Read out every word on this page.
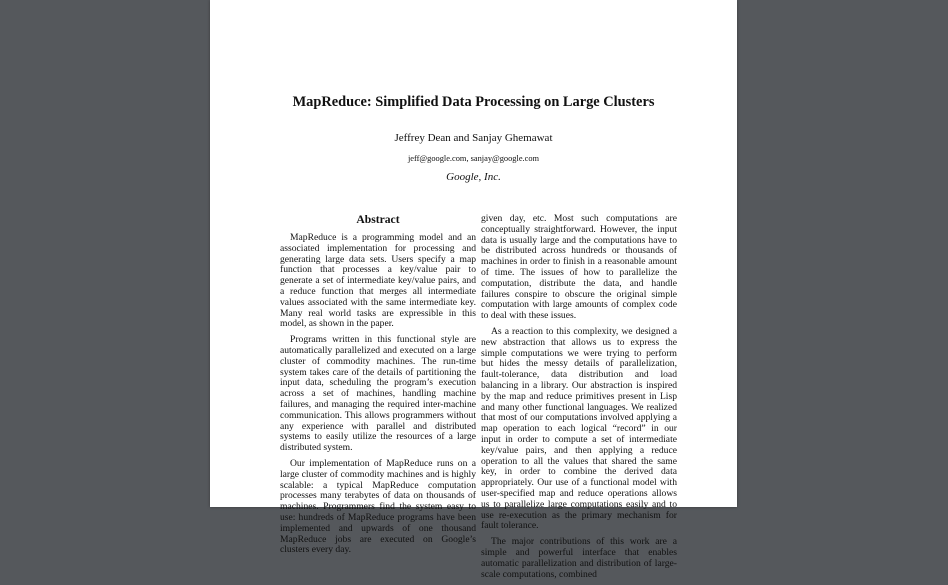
MapReduce: Simplified Data Processing on Large Clusters
Jeffrey Dean and Sanjay Ghemawat
jeff@google.com, sanjay@google.com
Google, Inc.
Abstract

MapReduce is a programming model and an associated implementation for processing and generating large data sets. Users specify a map function that processes a key/value pair to generate a set of intermediate key/value pairs, and a reduce function that merges all intermediate values associated with the same intermediate key. Many real world tasks are expressible in this model, as shown in the paper.

Programs written in this functional style are automatically parallelized and executed on a large cluster of commodity machines. The run-time system takes care of the details of partitioning the input data, scheduling the program’s execution across a set of machines, handling machine failures, and managing the required inter-machine communication. This allows programmers without any experience with parallel and distributed systems to easily utilize the resources of a large distributed system.

Our implementation of MapReduce runs on a large cluster of commodity machines and is highly scalable: a typical MapReduce computation processes many terabytes of data on thousands of machines. Programmers find the system easy to use: hundreds of MapReduce programs have been implemented and upwards of one thousand MapReduce jobs are executed on Google’s clusters every day.

given day, etc. Most such computations are conceptually straightforward. However, the input data is usually large and the computations have to be distributed across hundreds or thousands of machines in order to finish in a reasonable amount of time. The issues of how to parallelize the computation, distribute the data, and handle failures conspire to obscure the original simple computation with large amounts of complex code to deal with these issues.

As a reaction to this complexity, we designed a new abstraction that allows us to express the simple computations we were trying to perform but hides the messy details of parallelization, fault-tolerance, data distribution and load balancing in a library. Our abstraction is inspired by the map and reduce primitives present in Lisp and many other functional languages. We realized that most of our computations involved applying a map operation to each logical “record” in our input in order to compute a set of intermediate key/value pairs, and then applying a reduce operation to all the values that shared the same key, in order to combine the derived data appropriately. Our use of a functional model with user-specified map and reduce operations allows us to parallelize large computations easily and to use re-execution as the primary mechanism for fault tolerance.

The major contributions of this work are a simple and powerful interface that enables automatic parallelization and distribution of large-scale computations, combined
